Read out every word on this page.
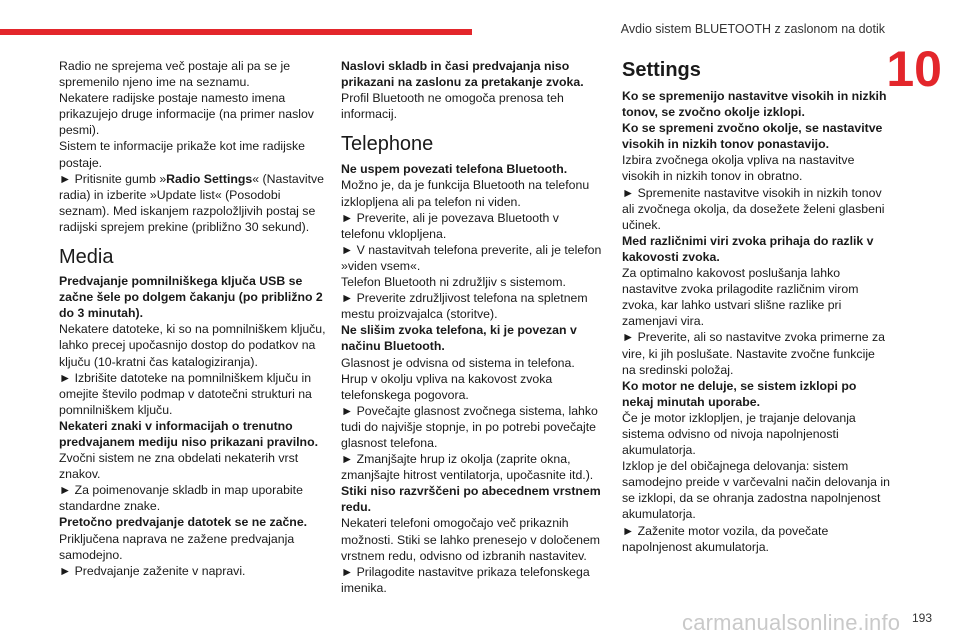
Avdio sistem BLUETOOTH z zaslonom na dotik
10

Radio ne sprejema več postaje ali pa se je spremenilo njeno ime na seznamu.

Nekatere radijske postaje namesto imena prikazujejo druge informacije (na primer naslov pesmi).

Sistem te informacije prikaže kot ime radijske postaje.

► Pritisnite gumb »Radio Settings« (Nastavitve radia) in izberite »Update list« (Posodobi seznam). Med iskanjem razpoložljivih postaj se radijski sprejem prekine (približno 30 sekund).

Media

Predvajanje pomnilniškega ključa USB se začne šele po dolgem čakanju (po približno 2 do 3 minutah).

Nekatere datoteke, ki so na pomnilniškem ključu, lahko precej upočasnijo dostop do podatkov na ključu (10-kratni čas katalogiziranja).

► Izbrišite datoteke na pomnilniškem ključu in omejite število podmap v datotečni strukturi na pomnilniškem ključu.

Nekateri znaki v informacijah o trenutno predvajanem mediju niso prikazani pravilno.

Zvočni sistem ne zna obdelati nekaterih vrst znakov.

► Za poimenovanje skladb in map uporabite standardne znake.

Pretočno predvajanje datotek se ne začne.

Priključena naprava ne zažene predvajanja samodejno.

► Predvajanje zaženite v napravi.

Naslovi skladb in časi predvajanja niso prikazani na zaslonu za pretakanje zvoka.

Profil Bluetooth ne omogoča prenosa teh informacij.

Telephone

Ne uspem povezati telefona Bluetooth.

Možno je, da je funkcija Bluetooth na telefonu izklopljena ali pa telefon ni viden.

► Preverite, ali je povezava Bluetooth v telefonu vklopljena.

► V nastavitvah telefona preverite, ali je telefon »viden vsem«.

Telefon Bluetooth ni združljiv s sistemom.

► Preverite združljivost telefona na spletnem mestu proizvajalca (storitve).

Ne slišim zvoka telefona, ki je povezan v načinu Bluetooth.

Glasnost je odvisna od sistema in telefona.

Hrup v okolju vpliva na kakovost zvoka telefonskega pogovora.

► Povečajte glasnost zvočnega sistema, lahko tudi do najvišje stopnje, in po potrebi povečajte glasnost telefona.

► Zmanjšajte hrup iz okolja (zaprite okna, zmanjšajte hitrost ventilatorja, upočasnite itd.).

Stiki niso razvrščeni po abecednem vrstnem redu.

Nekateri telefoni omogočajo več prikaznih možnosti. Stiki se lahko prenesejo v določenem vrstnem redu, odvisno od izbranih nastavitev.

► Prilagodite nastavitve prikaza telefonskega imenika.

Settings

Ko se spremenijo nastavitve visokih in nizkih tonov, se zvočno okolje izklopi.

Ko se spremeni zvočno okolje, se nastavitve visokih in nizkih tonov ponastavijo.

Izbira zvočnega okolja vpliva na nastavitve visokih in nizkih tonov in obratno.

► Spremenite nastavitve visokih in nizkih tonov ali zvočnega okolja, da dosežete želeni glasbeni učinek.

Med različnimi viri zvoka prihaja do razlik v kakovosti zvoka.

Za optimalno kakovost poslušanja lahko nastavitve zvoka prilagodite različnim virom zvoka, kar lahko ustvari slišne razlike pri zamenjavi vira.

► Preverite, ali so nastavitve zvoka primerne za vire, ki jih poslušate. Nastavite zvočne funkcije na sredinski položaj.

Ko motor ne deluje, se sistem izklopi po nekaj minutah uporabe.

Če je motor izklopljen, je trajanje delovanja sistema odvisno od nivoja napolnjenosti akumulatorja.

Izklop je del običajnega delovanja: sistem samodejno preide v varčevalni način delovanja in se izklopi, da se ohranja zadostna napolnjenost akumulatorja.

► Zaženite motor vozila, da povečate napolnjenost akumulatorja.

carmanualsonline.info 193
